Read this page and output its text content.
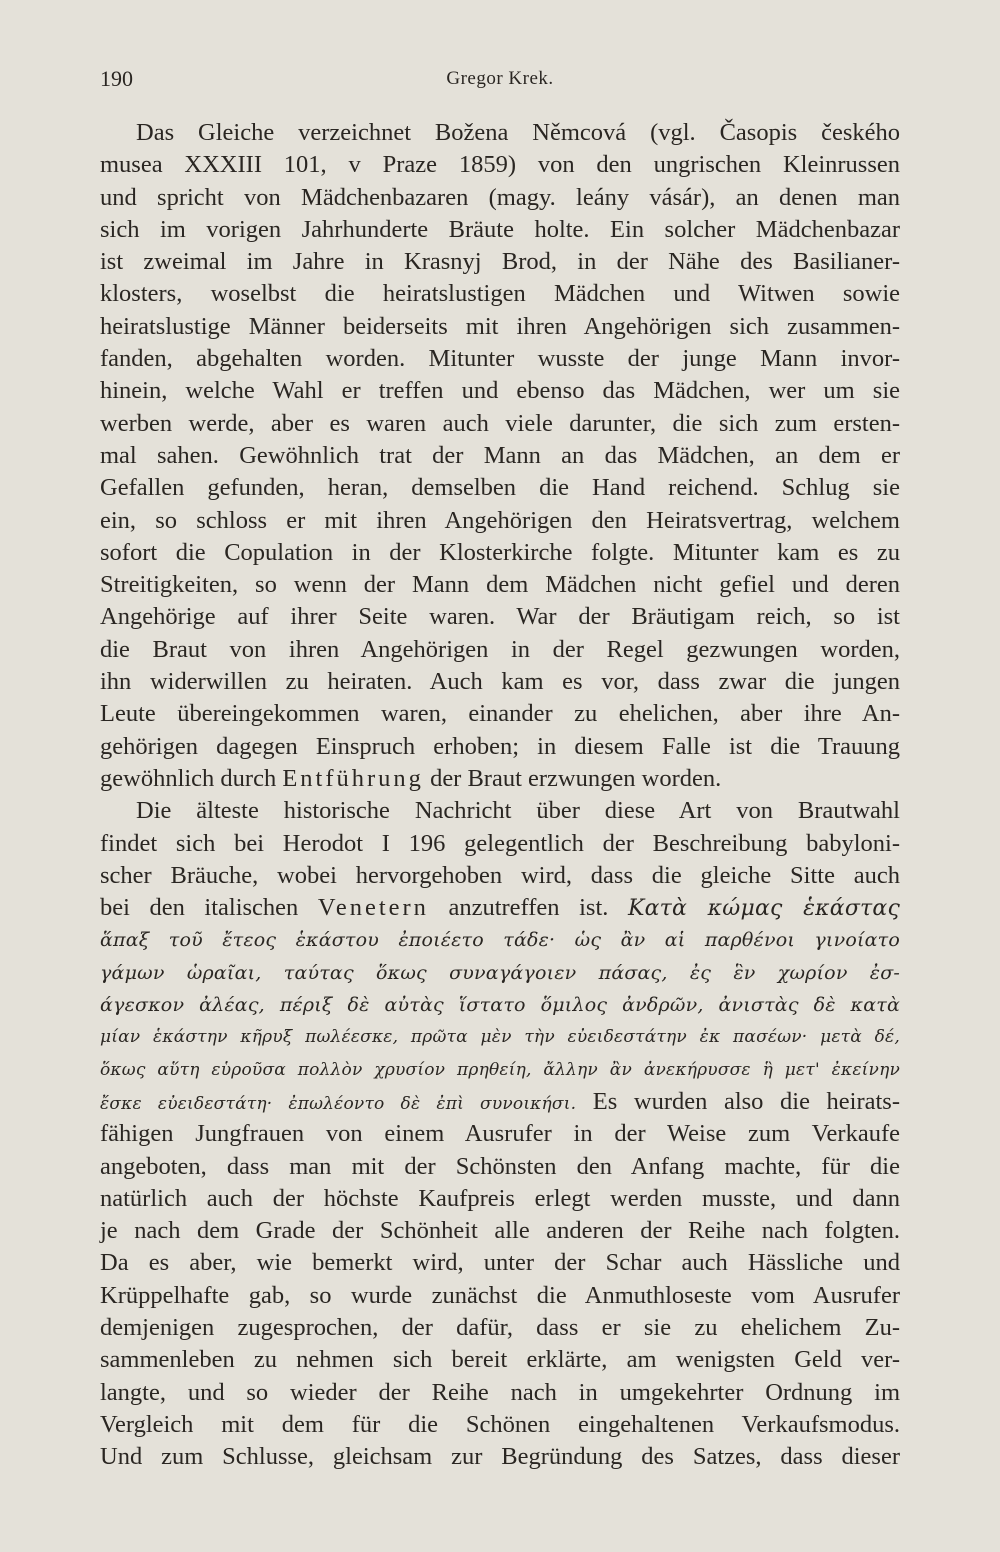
190	Gregor Krek.
Das Gleiche verzeichnet Božena Němcová (vgl. Časopis českého
musea XXXIII 101, v Praze 1859) von den ungrischen Kleinrussen
und spricht von Mädchenbazaren (magy. leány vásár), an denen man
sich im vorigen Jahrhunderte Bräute holte. Ein solcher Mädchenbazar
ist zweimal im Jahre in Krasnyj Brod, in der Nähe des Basilianer-
klosters, woselbst die heiratslustigen Mädchen und Witwen sowie
heiratslustige Männer beiderseits mit ihren Angehörigen sich zusammen-
fanden, abgehalten worden. Mitunter wusste der junge Mann invor-
hinein, welche Wahl er treffen und ebenso das Mädchen, wer um sie
werben werde, aber es waren auch viele darunter, die sich zum ersten-
mal sahen. Gewöhnlich trat der Mann an das Mädchen, an dem er
Gefallen gefunden, heran, demselben die Hand reichend. Schlug sie
ein, so schloss er mit ihren Angehörigen den Heiratsvertrag, welchem
sofort die Copulation in der Klosterkirche folgte. Mitunter kam es zu
Streitigkeiten, so wenn der Mann dem Mädchen nicht gefiel und deren
Angehörige auf ihrer Seite waren. War der Bräutigam reich, so ist
die Braut von ihren Angehörigen in der Regel gezwungen worden,
ihn widerwillen zu heiraten. Auch kam es vor, dass zwar die jungen
Leute übereingekommen waren, einander zu ehelichen, aber ihre An-
gehörigen dagegen Einspruch erhoben; in diesem Falle ist die Trauung
gewöhnlich durch Entführung der Braut erzwungen worden.
Die älteste historische Nachricht über diese Art von Brautwahl
findet sich bei Herodot I 196 gelegentlich der Beschreibung babyloni-
scher Bräuche, wobei hervorgehoben wird, dass die gleiche Sitte auch
bei den italischen Venetern anzutreffen ist. Κατὰ κώμας ἑκάστας
ἅπαξ τοῦ ἔτεος ἑκάστου ἐποιέετο τάδε· ὡς ἂν αἱ παρθένοι γινοίατο
γάμων ὡραῖαι, ταύτας ὅκως συναγάγοιεν πάσας, ἐς ἓν χωρίον ἐσ-
άγεσκον ἀλέας, πέριξ δὲ αὐτὰς ἵστατο ὅμιλος ἀνδρῶν, ἀνιστὰς δὲ κατὰ
μίαν ἑκάστην κῆρυξ πωλέεσκε, πρῶτα μὲν τὴν εὐειδεστάτην ἐκ πασέων· μετὰ δέ,
ὅκως αὕτη εὑροῦσα πολλὸν χρυσίον πρηθείη, ἄλλην ἂν ἀνεκήρυσσε ἣ μετ' ἐκείνην
ἔσκε εὐειδεστάτη· ἐπωλέοντο δὲ ἐπὶ συνοικήσι. Es wurden also die heirats-
fähigen Jungfrauen von einem Ausrufer in der Weise zum Verkaufe
angeboten, dass man mit der Schönsten den Anfang machte, für die
natürlich auch der höchste Kaufpreis erlegt werden musste, und dann
je nach dem Grade der Schönheit alle anderen der Reihe nach folgten.
Da es aber, wie bemerkt wird, unter der Schar auch Hässliche und
Krüppelhafte gab, so wurde zunächst die Anmuthloseste vom Ausrufer
demjenigen zugesprochen, der dafür, dass er sie zu ehelichem Zu-
sammenleben zu nehmen sich bereit erklärte, am wenigsten Geld ver-
langte, und so wieder der Reihe nach in umgekehrter Ordnung im
Vergleich mit dem für die Schönen eingehaltenen Verkaufsmodus.
Und zum Schlusse, gleichsam zur Begründung des Satzes, dass dieser
